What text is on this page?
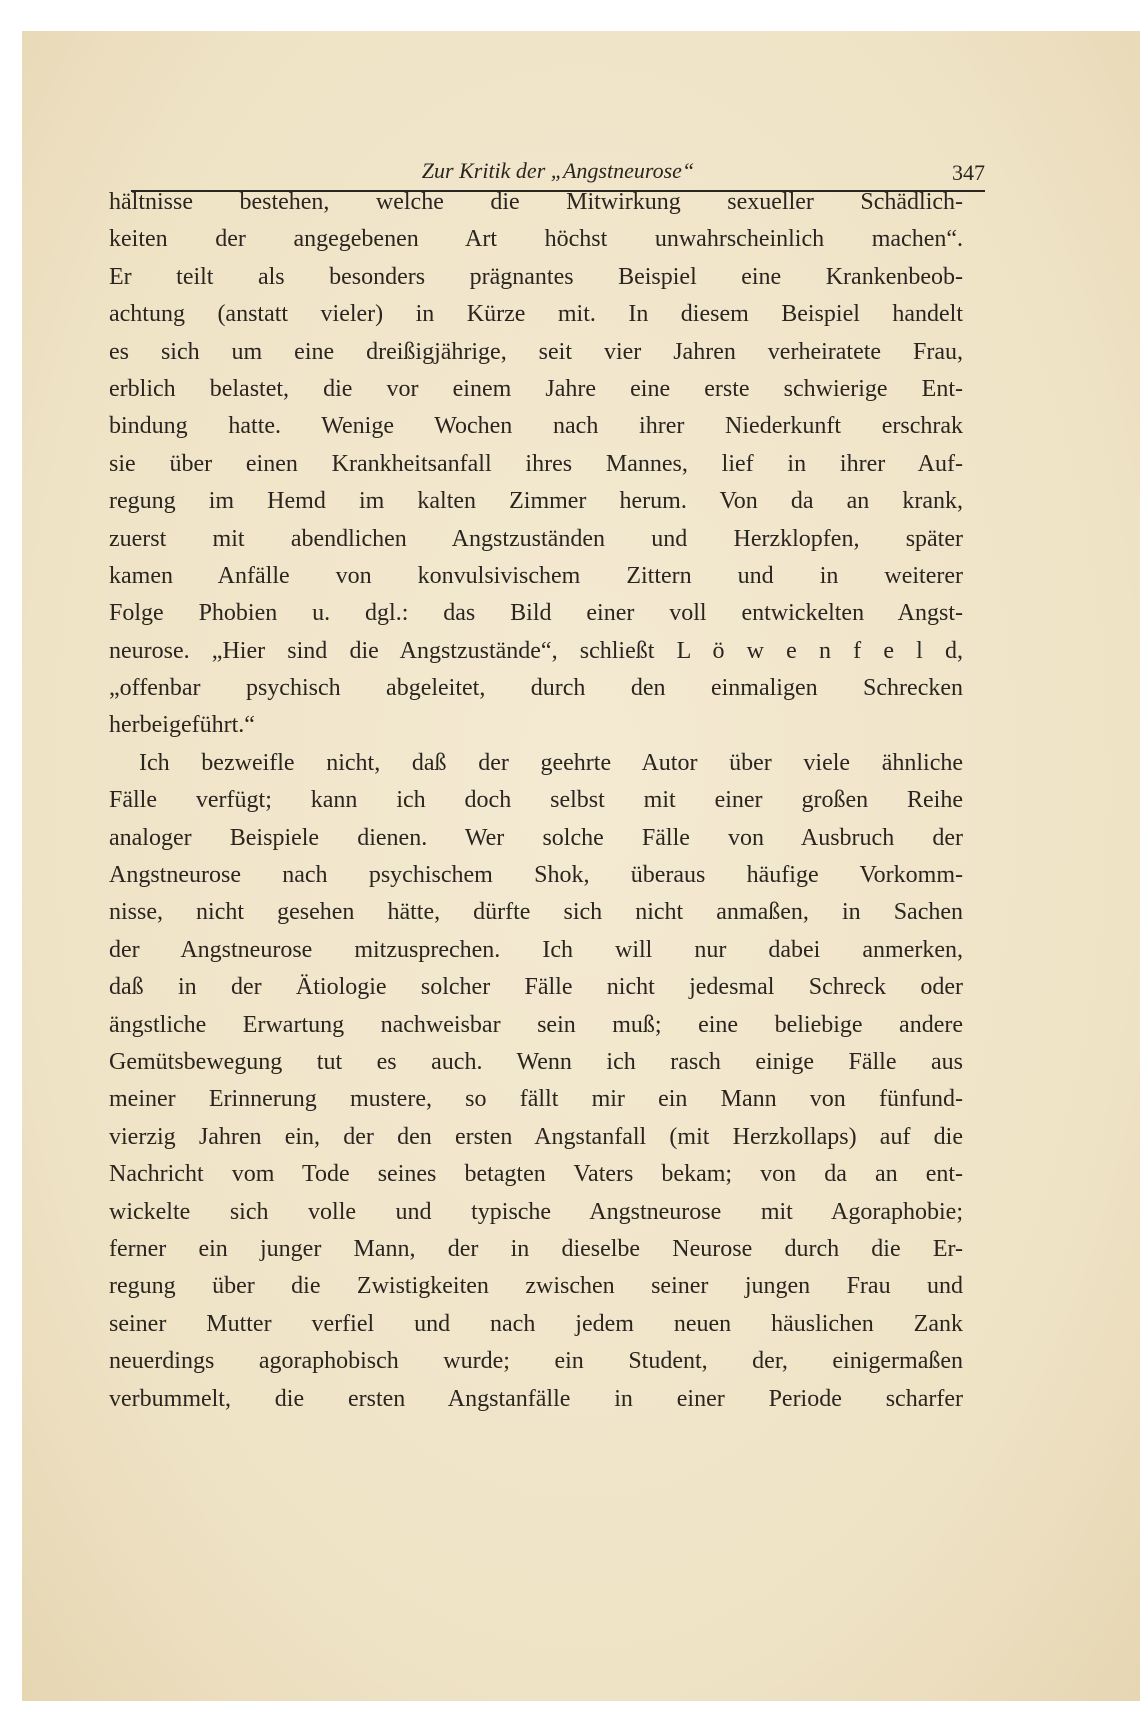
Zur Kritik der „Angstneurose“	347
hältnisse bestehen, welche die Mitwirkung sexueller Schädlich-
keiten der angegebenen Art höchst unwahrscheinlich machen“.
Er teilt als besonders prägnantes Beispiel eine Krankenbeob-
achtung (anstatt vieler) in Kürze mit. In diesem Beispiel handelt
es sich um eine dreißigjährige, seit vier Jahren verheiratete Frau,
erblich belastet, die vor einem Jahre eine erste schwierige Ent-
bindung hatte. Wenige Wochen nach ihrer Niederkunft erschrak
sie über einen Krankheitsanfall ihres Mannes, lief in ihrer Auf-
regung im Hemd im kalten Zimmer herum. Von da an krank,
zuerst mit abendlichen Angstzuständen und Herzklopfen, später
kamen Anfälle von konvulsivischem Zittern und in weiterer
Folge Phobien u. dgl.: das Bild einer voll entwickelten Angst-
neurose. „Hier sind die Angstzustände“, schließt L ö w e n f e l d,
„offenbar psychisch abgeleitet, durch den einmaligen Schrecken
herbeigeführt.“
Ich bezweifle nicht, daß der geehrte Autor über viele ähnliche
Fälle verfügt; kann ich doch selbst mit einer großen Reihe
analoger Beispiele dienen. Wer solche Fälle von Ausbruch der
Angstneurose nach psychischem Shok, überaus häufige Vorkomm-
nisse, nicht gesehen hätte, dürfte sich nicht anmaßen, in Sachen
der Angstneurose mitzusprechen. Ich will nur dabei anmerken,
daß in der Ätiologie solcher Fälle nicht jedesmal Schreck oder
ängstliche Erwartung nachweisbar sein muß; eine beliebige andere
Gemütsbewegung tut es auch. Wenn ich rasch einige Fälle aus
meiner Erinnerung mustere, so fällt mir ein Mann von fünfund-
vierzig Jahren ein, der den ersten Angstanfall (mit Herzkollaps) auf die
Nachricht vom Tode seines betagten Vaters bekam; von da an ent-
wickelte sich volle und typische Angstneurose mit Agoraphobie;
ferner ein junger Mann, der in dieselbe Neurose durch die Er-
regung über die Zwistigkeiten zwischen seiner jungen Frau und
seiner Mutter verfiel und nach jedem neuen häuslichen Zank
neuerdings agoraphobisch wurde; ein Student, der, einigermaßen
verbummelt, die ersten Angstanfälle in einer Periode scharfer
